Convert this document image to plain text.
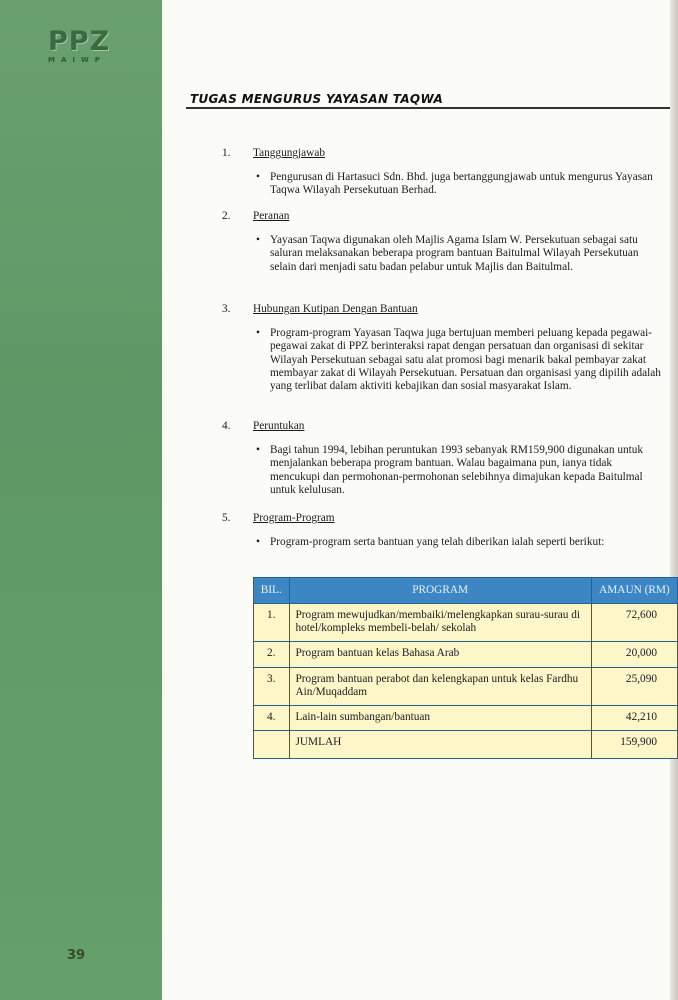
PPZ
MAIWP
39
TUGAS MENGURUS YAYASAN TAQWA
1.	Tanggungjawab
• Pengurusan di Hartasuci Sdn. Bhd. juga bertanggungjawab untuk mengurus Yayasan Taqwa Wilayah Persekutuan Berhad.
2.	Peranan
• Yayasan Taqwa digunakan oleh Majlis Agama Islam W. Persekutuan sebagai satu saluran melaksanakan beberapa program bantuan Baitulmal Wilayah Persekutuan selain dari menjadi satu badan pelabur untuk Majlis dan Baitulmal.
3.	Hubungan Kutipan Dengan Bantuan
• Program-program Yayasan Taqwa juga bertujuan memberi peluang kepada pegawai-pegawai zakat di PPZ berinteraksi rapat dengan persatuan dan organisasi di sekitar Wilayah Persekutuan sebagai satu alat promosi bagi menarik bakal pembayar zakat membayar zakat di Wilayah Persekutuan. Persatuan dan organisasi yang dipilih adalah yang terlibat dalam aktiviti kebajikan dan sosial masyarakat Islam.
4.	Peruntukan
• Bagi tahun 1994, lebihan peruntukan 1993 sebanyak RM159,900 digunakan untuk menjalankan beberapa program bantuan. Walau bagaimana pun, ianya tidak mencukupi dan permohonan-permohonan selebihnya dimajukan kepada Baitulmal untuk kelulusan.
5.	Program-Program
• Program-program serta bantuan yang telah diberikan ialah seperti berikut:
BIL.	PROGRAM	AMAUN (RM)
1.	Program mewujudkan/membaiki/melengkapkan surau-surau di hotel/kompleks membeli-belah/ sekolah	72,600
2.	Program bantuan kelas Bahasa Arab	20,000
3.	Program bantuan perabot dan kelengkapan untuk kelas Fardhu Ain/Muqaddam	25,090
4.	Lain-lain sumbangan/bantuan	42,210
	JUMLAH	159,900
